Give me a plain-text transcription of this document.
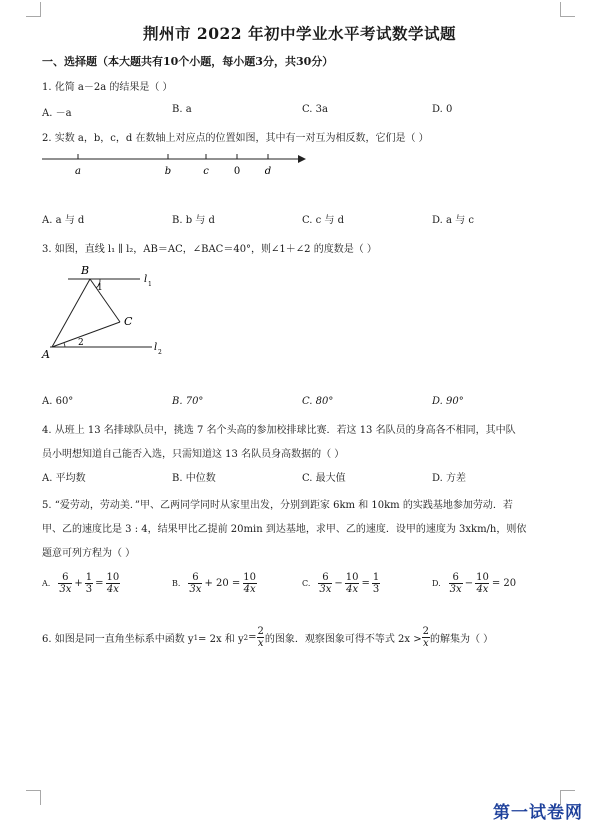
荆州市 2022 年初中学业水平考试数学试题
一、选择题（本大题共有10个小题，每小题3分，共30分）
1. 化简 a－2a 的结果是（ ）
A. －a	B. a	C. 3a	D. 0
2. 实数 a，b，c，d 在数轴上对应点的位置如图，其中有一对互为相反数，它们是（ ）
a	b	c	0 d
A. a 与 d	B. b 与 d	C. c 与 d	D. a 与 c
3. 如图，直线 l₁ ∥ l₂，AB＝AC，∠BAC＝40°，则∠1＋∠2 的度数是（ ）
B
C
A
1
2
l 1
l 2
A. 60°	B. 70°	C. 80°	D. 90°
4. 从班上 13 名排球队员中，挑选 7 名个头高的参加校排球比赛．若这 13 名队员的身高各不相同，其中队
员小明想知道自己能否入选，只需知道这 13 名队员身高数据的（ ）
A. 平均数	B. 中位数	C. 最大值	D. 方差
5. “爱劳动，劳动美．”甲、乙两同学同时从家里出发，分别到距家 6km 和 10km 的实践基地参加劳动．若
甲、乙的速度比是 3 : 4，结果甲比乙提前 20min 到达基地，求甲、乙的速度．设甲的速度为 3xkm/h，则依
题意可列方程为（ ）
A. $\frac{6}{3x} + \frac{1}{3} = \frac{10}{4x}$	B. $\frac{6}{3x} + 20 = \frac{10}{4x}$	C. $\frac{6}{3x} - \frac{10}{4x} = \frac{1}{3}$	D. $\frac{6}{3x} - \frac{10}{4x} = 20$
6. 如图是同一直角坐标系中函数 y 1 = 2x 和 y $2 = \frac{2}{x}$ 的图象．观察图象可得不等式 $2x > \frac{2}{x}$ 的解集为（ ）
第一试卷网
